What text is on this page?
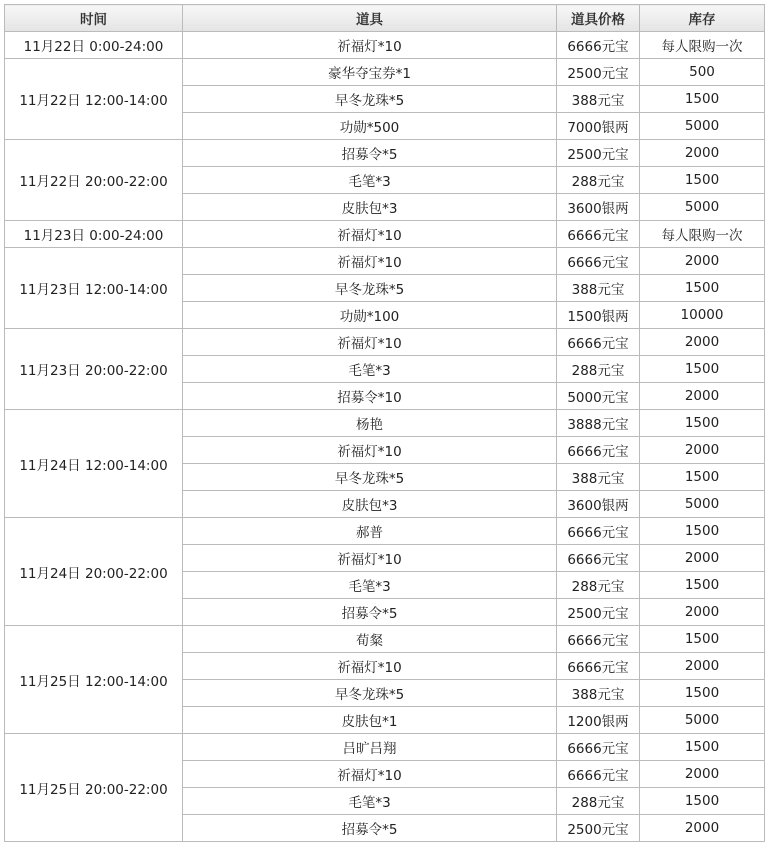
时间	道具	道具价格	库存
11月22日 0:00-24:00	祈福灯*10	6666元宝	每人限购一次
11月22日 12:00-14:00	豪华夺宝券*1	2500元宝	500
	早冬龙珠*5	388元宝	1500
	功勋*500	7000银两	5000
11月22日 20:00-22:00	招募令*5	2500元宝	2000
	毛笔*3	288元宝	1500
	皮肤包*3	3600银两	5000
11月23日 0:00-24:00	祈福灯*10	6666元宝	每人限购一次
11月23日 12:00-14:00	祈福灯*10	6666元宝	2000
	早冬龙珠*5	388元宝	1500
	功勋*100	1500银两	10000
11月23日 20:00-22:00	祈福灯*10	6666元宝	2000
	毛笔*3	288元宝	1500
	招募令*10	5000元宝	2000
11月24日 12:00-14:00	杨艳	3888元宝	1500
	祈福灯*10	6666元宝	2000
	早冬龙珠*5	388元宝	1500
	皮肤包*3	3600银两	5000
11月24日 20:00-22:00	郝普	6666元宝	1500
	祈福灯*10	6666元宝	2000
	毛笔*3	288元宝	1500
	招募令*5	2500元宝	2000
11月25日 12:00-14:00	荀粲	6666元宝	1500
	祈福灯*10	6666元宝	2000
	早冬龙珠*5	388元宝	1500
	皮肤包*1	1200银两	5000
11月25日 20:00-22:00	吕旷吕翔	6666元宝	1500
	祈福灯*10	6666元宝	2000
	毛笔*3	288元宝	1500
	招募令*5	2500元宝	2000
